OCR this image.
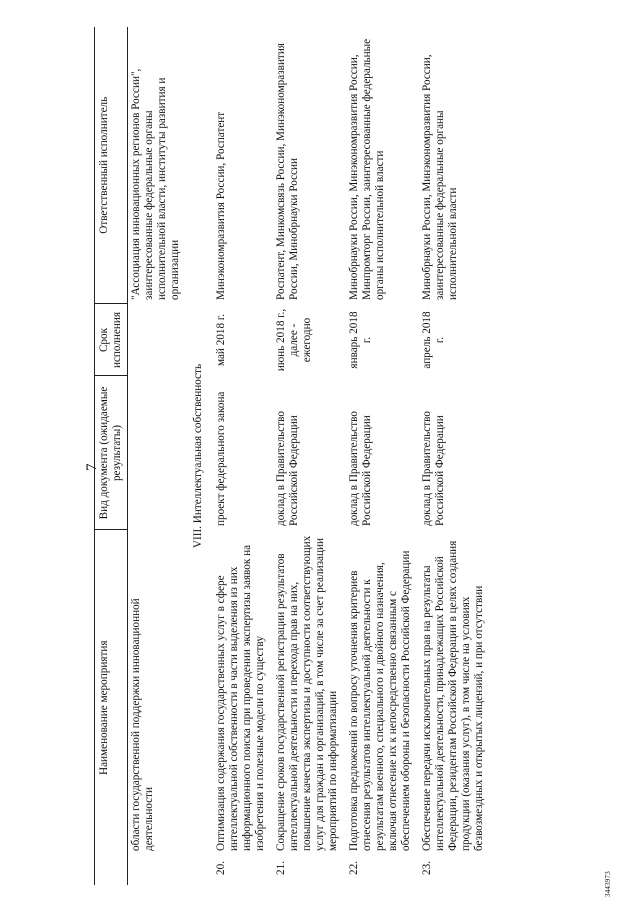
7
Наименование мероприятия		Вид документа (ожидаемые результаты)	Срок исполнения	Ответственный исполнитель
	области государственной поддержки инновационной деятельности			"Ассоциация инновационных регионов России", заинтересованные федеральные органы исполнительной власти, институты развития и организации
VIII. Интеллектуальная собственность				
20.	Оптимизация содержания государственных услуг в сфере интеллектуальной собственности в части выделения из них информационного поиска при проведении экспертизы заявок на изобретения и полезные модели по существу	проект федерального закона	май 2018 г.	Минэкономразвития России, Роспатент
21.	Сокращение сроков государственной регистрации результатов интеллектуальной деятельности и перехода прав на них, повышение качества экспертизы и доступности соответствующих услуг для граждан и организаций, в том числе за счет реализации мероприятий по информатизации	доклад в Правительство Российской Федерации	июнь 2018 г., далее - ежегодно	Роспатент, Минкомсвязь России, Минэкономразвития России, Минобрнауки России
22.	Подготовка предложений по вопросу уточнения критериев отнесения результатов интеллектуальной деятельности к результатам военного, специального и двойного назначения, включая отнесение их к непосредственно связанным с обеспечением обороны и безопасности Российской Федерации	доклад в Правительство Российской Федерации	январь 2018 г.	Минобрнауки России, Минэкономразвития России, Минпромторг России, заинтересованные федеральные органы исполнительной власти
23.	Обеспечение передачи исключительных прав на результаты интеллектуальной деятельности, принадлежащих Российской Федерации, резидентам Российской Федерации в целях создания продукции (оказания услуг), в том числе на условиях безвозмездных и открытых лицензий, и при отсутствии	доклад в Правительство Российской Федерации	апрель 2018 г.	Минобрнауки России, Минэкономразвития России, заинтересованные федеральные органы исполнительной власти
3443973
